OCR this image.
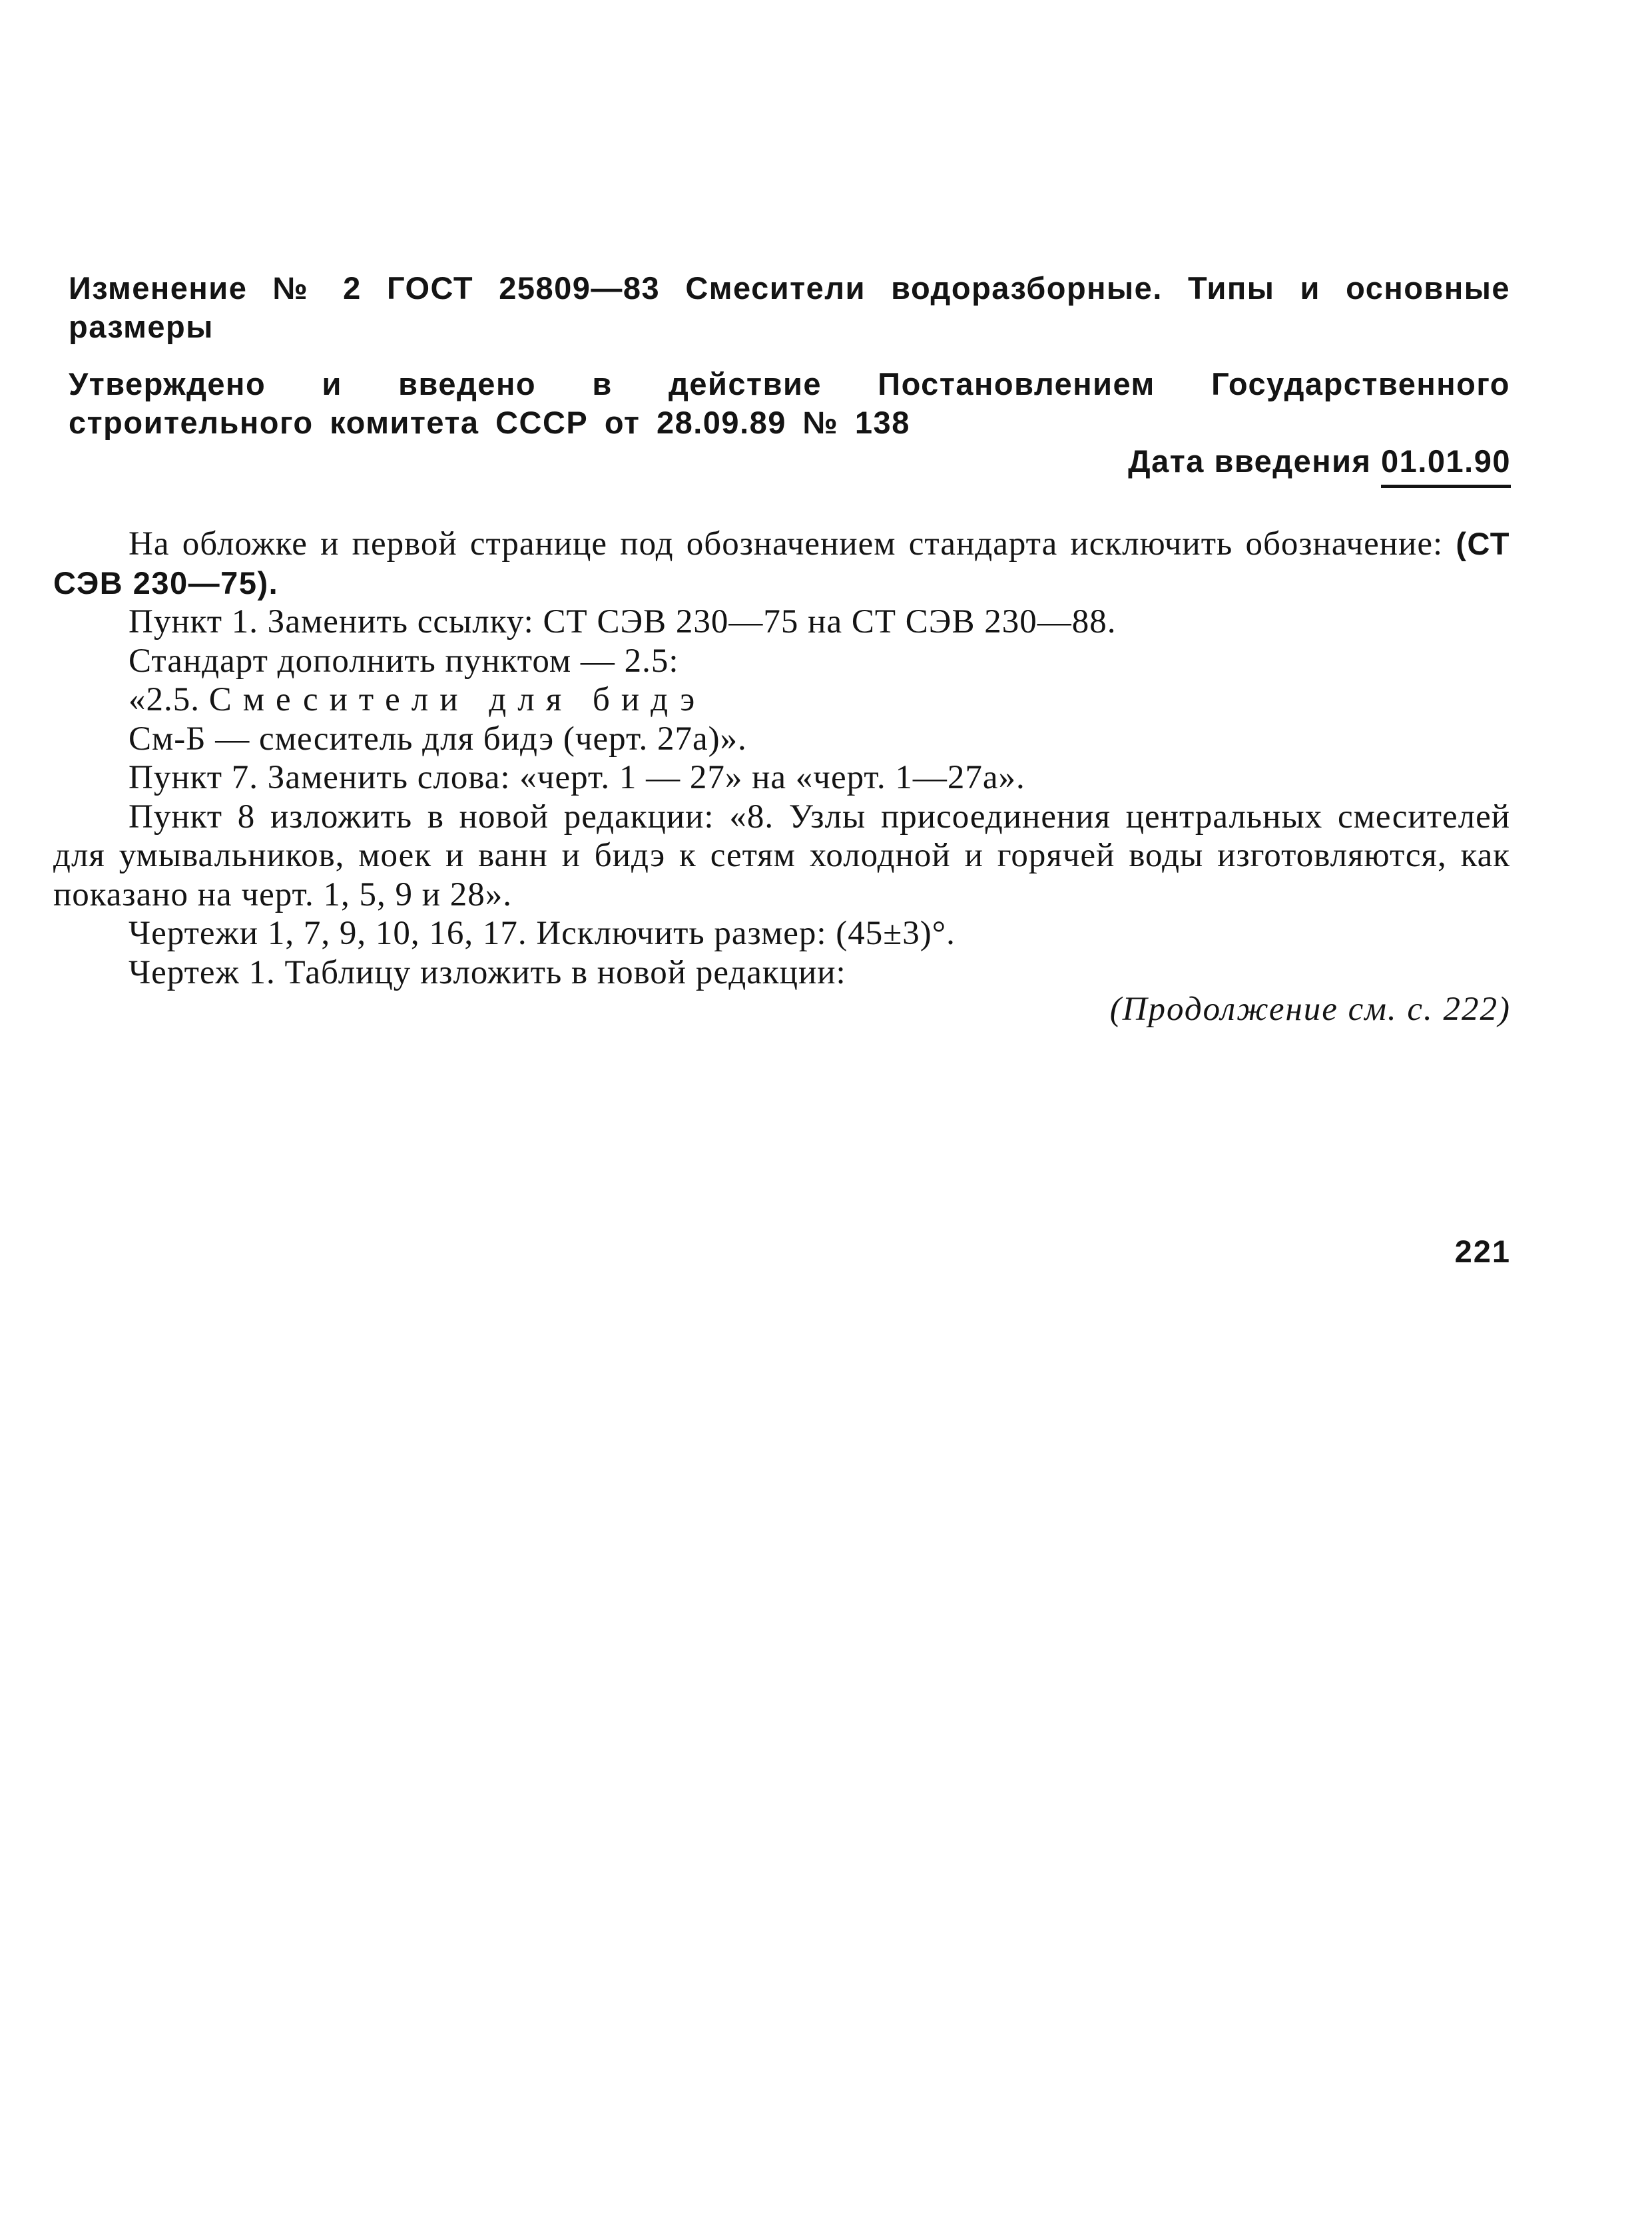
Изменение № 2 ГОСТ 25809—83 Смесители водоразборные. Типы и основные размеры
Утверждено и введено в действие Постановлением Государственного строительного комитета СССР от 28.09.89 № 138
Дата введения 01.01.90

На обложке и первой странице под обозначением стандарта исключить обозначение: (СТ СЭВ 230—75).

Пункт 1. Заменить ссылку: СТ СЭВ 230—75 на СТ СЭВ 230—88.

Стандарт дополнить пунктом — 2.5:

«2.5. Смесители для бидэ

См-Б — смеситель для бидэ (черт. 27а)».

Пункт 7. Заменить слова: «черт. 1 — 27» на «черт. 1—27а».

Пункт 8 изложить в новой редакции: «8. Узлы присоединения центральных смесителей для умывальников, моек и ванн и бидэ к сетям холодной и горячей воды изготовляются, как показано на черт. 1, 5, 9 и 28».

Чертежи 1, 7, 9, 10, 16, 17. Исключить размер: (45±3)°.

Чертеж 1. Таблицу изложить в новой редакции:

(Продолжение см. с. 222)
221
